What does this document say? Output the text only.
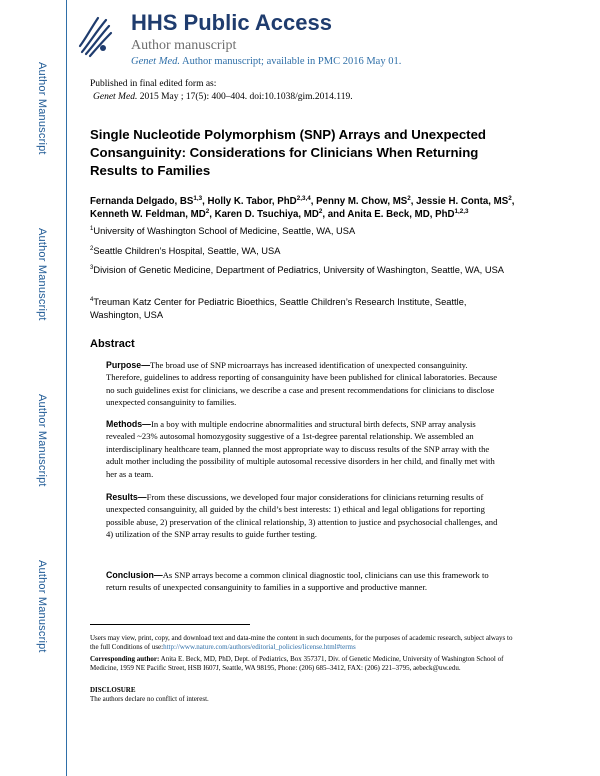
Author Manuscript
Author Manuscript
Author Manuscript
Author Manuscript
HHS Public Access
Author manuscript
Genet Med. Author manuscript; available in PMC 2016 May 01.
Published in final edited form as:
Genet Med. 2015 May ; 17(5): 400–404. doi:10.1038/gim.2014.119.
Single Nucleotide Polymorphism (SNP) Arrays and Unexpected Consanguinity: Considerations for Clinicians When Returning Results to Families
Fernanda Delgado, BS$^{1,3}$, Holly K. Tabor, PhD$^{2,3,4}$, Penny M. Chow, $MS^2$, Jessie H. Conta, $MS^2$, Kenneth W. Feldman, $MD^2$, Karen D. Tsuchiya, $MD^2$, and Anita E. Beck, MD, PhD$^{1,2,3}$
$^1$University of Washington School of Medicine, Seattle, WA, USA
$^2$Seattle Children’s Hospital, Seattle, WA, USA
$^3$Division of Genetic Medicine, Department of Pediatrics, University of Washington, Seattle, WA, USA
$^4$Treuman Katz Center for Pediatric Bioethics, Seattle Children’s Research Institute, Seattle, Washington, USA
Abstract
Purpose—The broad use of SNP microarrays has increased identification of unexpected consanguinity. Therefore, guidelines to address reporting of consanguinity have been published for clinical laboratories. Because no such guidelines exist for clinicians, we describe a case and present recommendations for clinicians to disclose unexpected consanguinity to families.
Methods—In a boy with multiple endocrine abnormalities and structural birth defects, SNP array analysis revealed ~23% autosomal homozygosity suggestive of a 1st-degree parental relationship. We assembled an interdisciplinary healthcare team, planned the most appropriate way to discuss results of the SNP array with the adult mother including the possibility of multiple autosomal recessive disorders in her child, and finally met with her as a team.
Results—From these discussions, we developed four major considerations for clinicians returning results of unexpected consanguinity, all guided by the child’s best interests: 1) ethical and legal obligations for reporting possible abuse, 2) preservation of the clinical relationship, 3) attention to justice and psychosocial challenges, and 4) utilization of the SNP array results to guide further testing.
Conclusion—As SNP arrays become a common clinical diagnostic tool, clinicians can use this framework to return results of unexpected consanguinity to families in a supportive and productive manner.
Users may view, print, copy, and download text and data-mine the content in such documents, for the purposes of academic research, subject always to the full Conditions of use:http://www.nature.com/authors/editorial_policies/license.html#terms
Corresponding author: Anita E. Beck, MD, PhD, Dept. of Pediatrics, Box 357371, Div. of Genetic Medicine, University of Washington School of Medicine, 1959 NE Pacific Street, HSB I607J, Seattle, WA 98195, Phone: (206) 685–3412, FAX: (206) 221–3795, aebeck@uw.edu.
DISCLOSURE
The authors declare no conflict of interest.
